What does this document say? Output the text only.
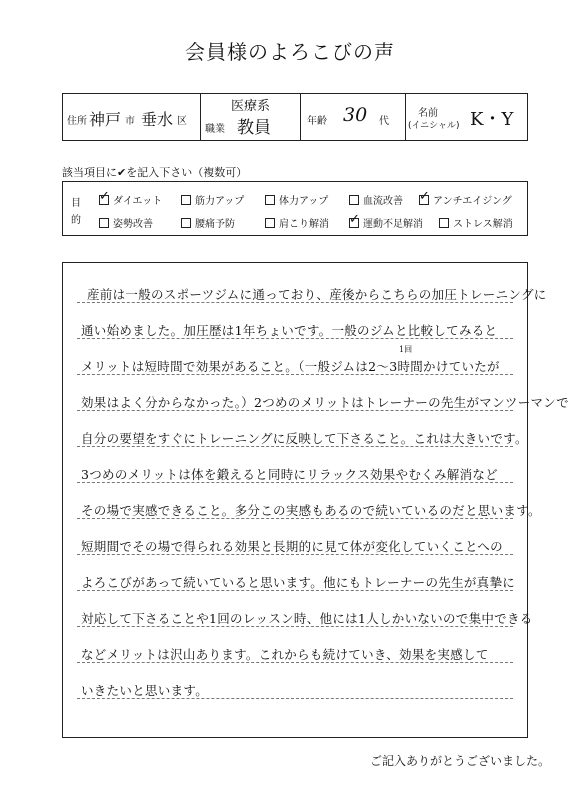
会員様のよろこびの声
住所 神戸 市 垂水 区
職業
医療系
教員	年齢 30 代
名前
(イニシャル) K・Y
該当項目に✔を記入下さい（複数可）
目
的
✓ ダイエット	筋力アップ	体力アップ	血流改善 ✓ アンチエイジング
姿勢改善	腰痛予防	肩こり解消 ✓ 運動不足解消	ストレス解消
1回
産前は一般のスポーツジムに通っており、産後からこちらの加圧トレーニングに
通い始めました。加圧歴は1年ちょいです。一般のジムと比較してみると
メリットは短時間で効果があること。（一般ジムは2〜3時間かけていたが
効果はよく分からなかった。）2つめのメリットはトレーナーの先生がマンツーマンで
自分の要望をすぐにトレーニングに反映して下さること。これは大きいです。
3つめのメリットは体を鍛えると同時にリラックス効果やむくみ解消など
その場で実感できること。多分この実感もあるので続いているのだと思います。
短期間でその場で得られる効果と長期的に見て体が変化していくことへの
よろこびがあって続いていると思います。他にもトレーナーの先生が真摯に
対応して下さることや1回のレッスン時、他には1人しかいないので集中できる
などメリットは沢山あります。これからも続けていき、効果を実感して
いきたいと思います。
ご記入ありがとうございました。
